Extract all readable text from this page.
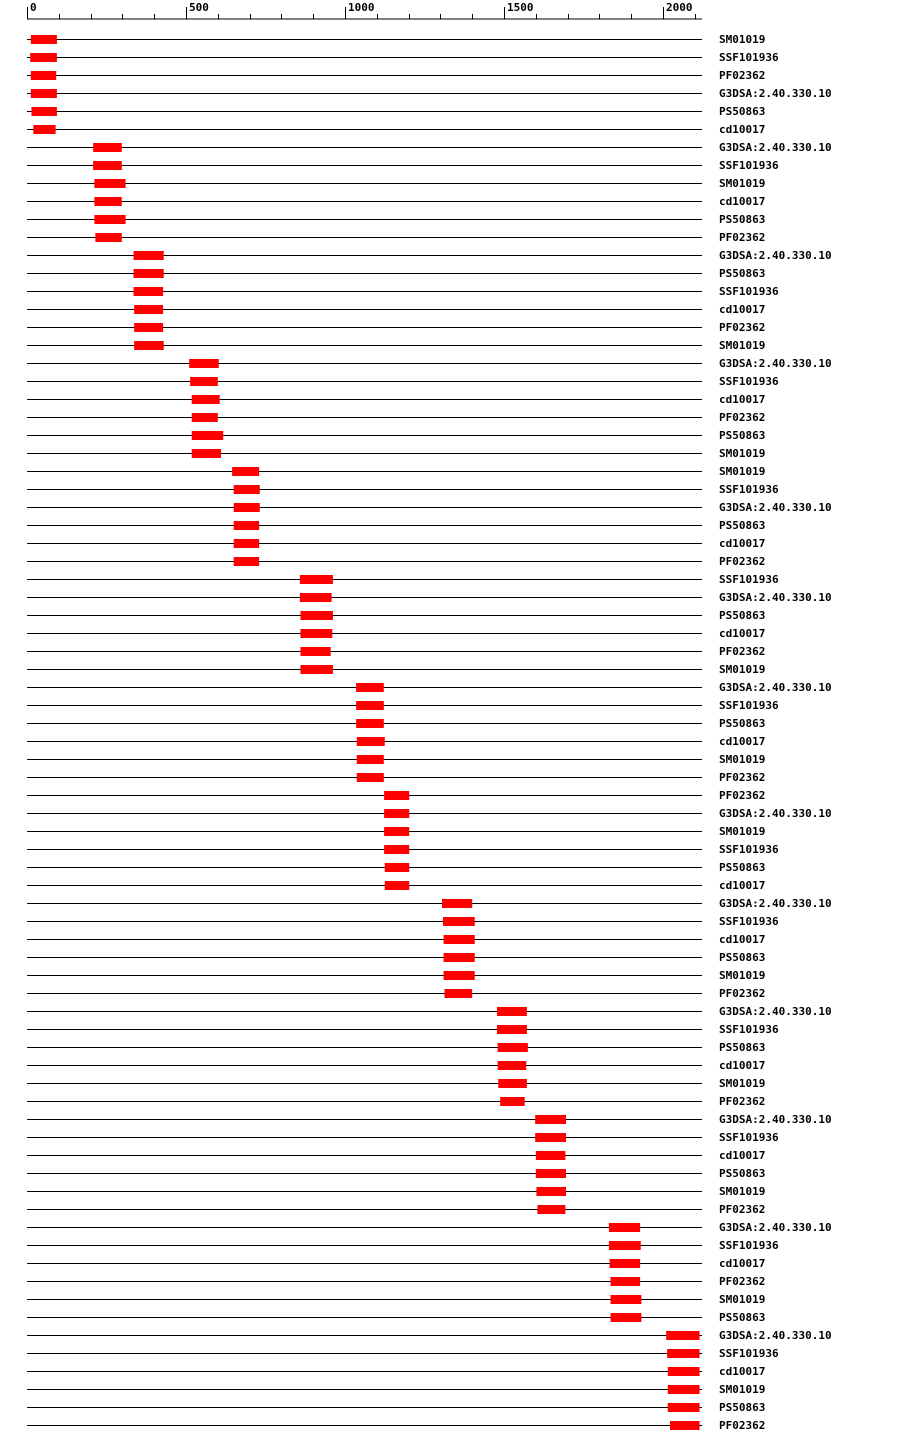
0	500	1000	1500	2000
SM01019
SSF101936
PF02362
G3DSA:2.40.330.10
PS50863
cd10017
G3DSA:2.40.330.10
SSF101936
SM01019
cd10017
PS50863
PF02362
G3DSA:2.40.330.10
PS50863
SSF101936
cd10017
PF02362
SM01019
G3DSA:2.40.330.10
SSF101936
cd10017
PF02362
PS50863
SM01019
SM01019
SSF101936
G3DSA:2.40.330.10
PS50863
cd10017
PF02362
SSF101936
G3DSA:2.40.330.10
PS50863
cd10017
PF02362
SM01019
G3DSA:2.40.330.10
SSF101936
PS50863
cd10017
SM01019
PF02362
PF02362
G3DSA:2.40.330.10
SM01019
SSF101936
PS50863
cd10017
G3DSA:2.40.330.10
SSF101936
cd10017
PS50863
SM01019
PF02362
G3DSA:2.40.330.10
SSF101936
PS50863
cd10017
SM01019
PF02362
G3DSA:2.40.330.10
SSF101936
cd10017
PS50863
SM01019
PF02362
G3DSA:2.40.330.10
SSF101936
cd10017
PF02362
SM01019
PS50863
G3DSA:2.40.330.10
SSF101936
cd10017
SM01019
PS50863
PF02362
